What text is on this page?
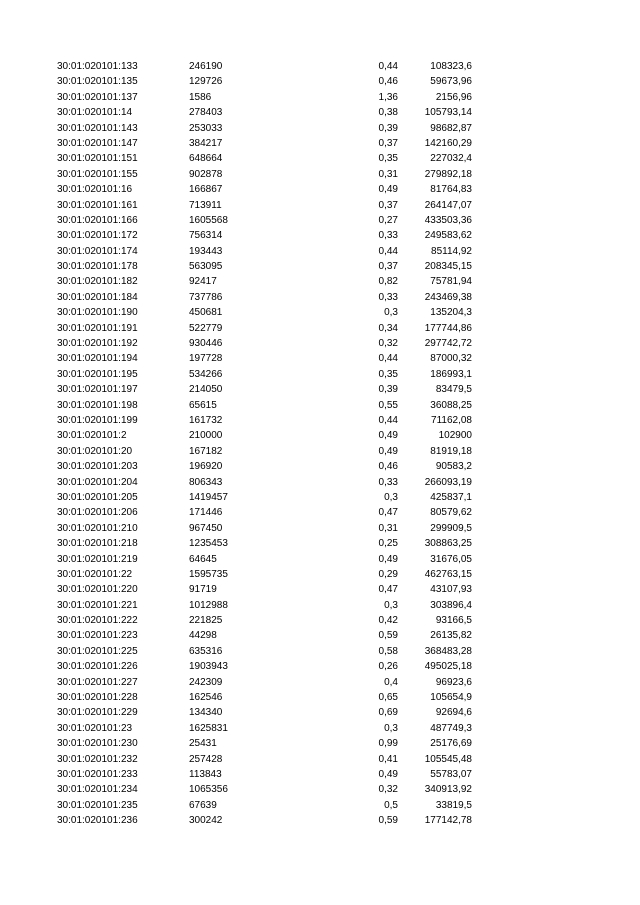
30:01:020101:133	246190	0,44	108323,6
30:01:020101:135	129726	0,46	59673,96
30:01:020101:137	1586	1,36	2156,96
30:01:020101:14	278403	0,38	105793,14
30:01:020101:143	253033	0,39	98682,87
30:01:020101:147	384217	0,37	142160,29
30:01:020101:151	648664	0,35	227032,4
30:01:020101:155	902878	0,31	279892,18
30:01:020101:16	166867	0,49	81764,83
30:01:020101:161	713911	0,37	264147,07
30:01:020101:166	1605568	0,27	433503,36
30:01:020101:172	756314	0,33	249583,62
30:01:020101:174	193443	0,44	85114,92
30:01:020101:178	563095	0,37	208345,15
30:01:020101:182	92417	0,82	75781,94
30:01:020101:184	737786	0,33	243469,38
30:01:020101:190	450681	0,3	135204,3
30:01:020101:191	522779	0,34	177744,86
30:01:020101:192	930446	0,32	297742,72
30:01:020101:194	197728	0,44	87000,32
30:01:020101:195	534266	0,35	186993,1
30:01:020101:197	214050	0,39	83479,5
30:01:020101:198	65615	0,55	36088,25
30:01:020101:199	161732	0,44	71162,08
30:01:020101:2	210000	0,49	102900
30:01:020101:20	167182	0,49	81919,18
30:01:020101:203	196920	0,46	90583,2
30:01:020101:204	806343	0,33	266093,19
30:01:020101:205	1419457	0,3	425837,1
30:01:020101:206	171446	0,47	80579,62
30:01:020101:210	967450	0,31	299909,5
30:01:020101:218	1235453	0,25	308863,25
30:01:020101:219	64645	0,49	31676,05
30:01:020101:22	1595735	0,29	462763,15
30:01:020101:220	91719	0,47	43107,93
30:01:020101:221	1012988	0,3	303896,4
30:01:020101:222	221825	0,42	93166,5
30:01:020101:223	44298	0,59	26135,82
30:01:020101:225	635316	0,58	368483,28
30:01:020101:226	1903943	0,26	495025,18
30:01:020101:227	242309	0,4	96923,6
30:01:020101:228	162546	0,65	105654,9
30:01:020101:229	134340	0,69	92694,6
30:01:020101:23	1625831	0,3	487749,3
30:01:020101:230	25431	0,99	25176,69
30:01:020101:232	257428	0,41	105545,48
30:01:020101:233	113843	0,49	55783,07
30:01:020101:234	1065356	0,32	340913,92
30:01:020101:235	67639	0,5	33819,5
30:01:020101:236	300242	0,59	177142,78
